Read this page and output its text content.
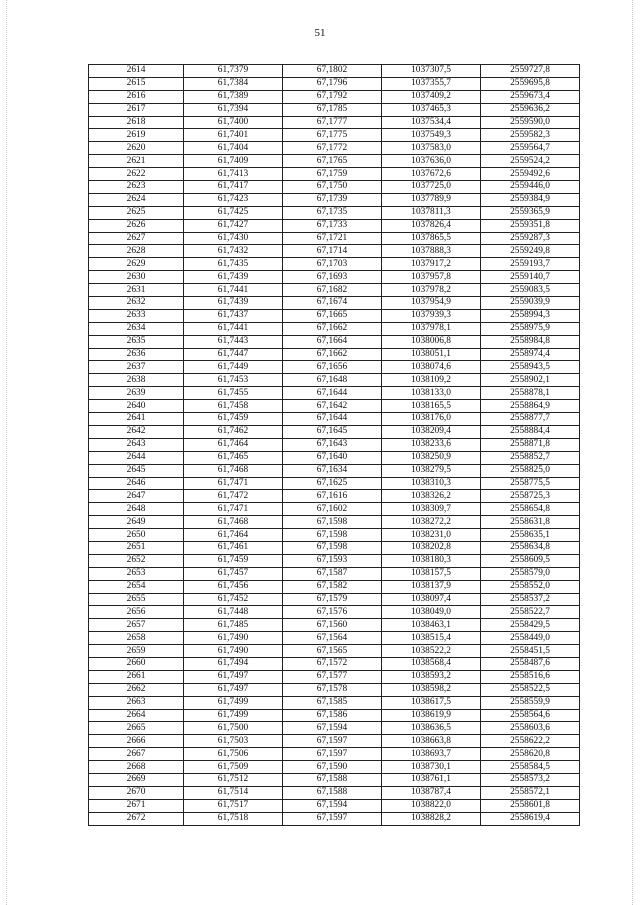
51
2614	61,7379	67,1802	1037307,5	2559727,8
2615	61,7384	67,1796	1037355,7	2559695,8
2616	61,7389	67,1792	1037409,2	2559673,4
2617	61,7394	67,1785	1037465,3	2559636,2
2618	61,7400	67,1777	1037534,4	2559590,0
2619	61,7401	67,1775	1037549,3	2559582,3
2620	61,7404	67,1772	1037583,0	2559564,7
2621	61,7409	67,1765	1037636,0	2559524,2
2622	61,7413	67,1759	1037672,6	2559492,6
2623	61,7417	67,1750	1037725,0	2559446,0
2624	61,7423	67,1739	1037789,9	2559384,9
2625	61,7425	67,1735	1037811,3	2559365,9
2626	61,7427	67,1733	1037826,4	2559351,8
2627	61,7430	67,1721	1037865,5	2559287,3
2628	61,7432	67,1714	1037888,3	2559249,8
2629	61,7435	67,1703	1037917,2	2559193,7
2630	61,7439	67,1693	1037957,8	2559140,7
2631	61,7441	67,1682	1037978,2	2559083,5
2632	61,7439	67,1674	1037954,9	2559039,9
2633	61,7437	67,1665	1037939,3	2558994,3
2634	61,7441	67,1662	1037978,1	2558975,9
2635	61,7443	67,1664	1038006,8	2558984,8
2636	61,7447	67,1662	1038051,1	2558974,4
2637	61,7449	67,1656	1038074,6	2558943,5
2638	61,7453	67,1648	1038109,2	2558902,1
2639	61,7455	67,1644	1038133,0	2558878,1
2640	61,7458	67,1642	1038165,5	2558864,9
2641	61,7459	67,1644	1038176,0	2558877,7
2642	61,7462	67,1645	1038209,4	2558884,4
2643	61,7464	67,1643	1038233,6	2558871,8
2644	61,7465	67,1640	1038250,9	2558852,7
2645	61,7468	67,1634	1038279,5	2558825,0
2646	61,7471	67,1625	1038310,3	2558775,5
2647	61,7472	67,1616	1038326,2	2558725,3
2648	61,7471	67,1602	1038309,7	2558654,8
2649	61,7468	67,1598	1038272,2	2558631,8
2650	61,7464	67,1598	1038231,0	2558635,1
2651	61,7461	67,1598	1038202,8	2558634,8
2652	61,7459	67,1593	1038180,3	2558609,5
2653	61,7457	67,1587	1038157,5	2558579,0
2654	61,7456	67,1582	1038137,9	2558552,0
2655	61,7452	67,1579	1038097,4	2558537,2
2656	61,7448	67,1576	1038049,0	2558522,7
2657	61,7485	67,1560	1038463,1	2558429,5
2658	61,7490	67,1564	1038515,4	2558449,0
2659	61,7490	67,1565	1038522,2	2558451,5
2660	61,7494	67,1572	1038568,4	2558487,6
2661	61,7497	67,1577	1038593,2	2558516,6
2662	61,7497	67,1578	1038598,2	2558522,5
2663	61,7499	67,1585	1038617,5	2558559,9
2664	61,7499	67,1586	1038619,9	2558564,6
2665	61,7500	67,1594	1038636,5	2558603,6
2666	61,7503	67,1597	1038663,8	2558622,2
2667	61,7506	67,1597	1038693,7	2558620,8
2668	61,7509	67,1590	1038730,1	2558584,5
2669	61,7512	67,1588	1038761,1	2558573,2
2670	61,7514	67,1588	1038787,4	2558572,1
2671	61,7517	67,1594	1038822,0	2558601,8
2672	61,7518	67,1597	1038828,2	2558619,4
